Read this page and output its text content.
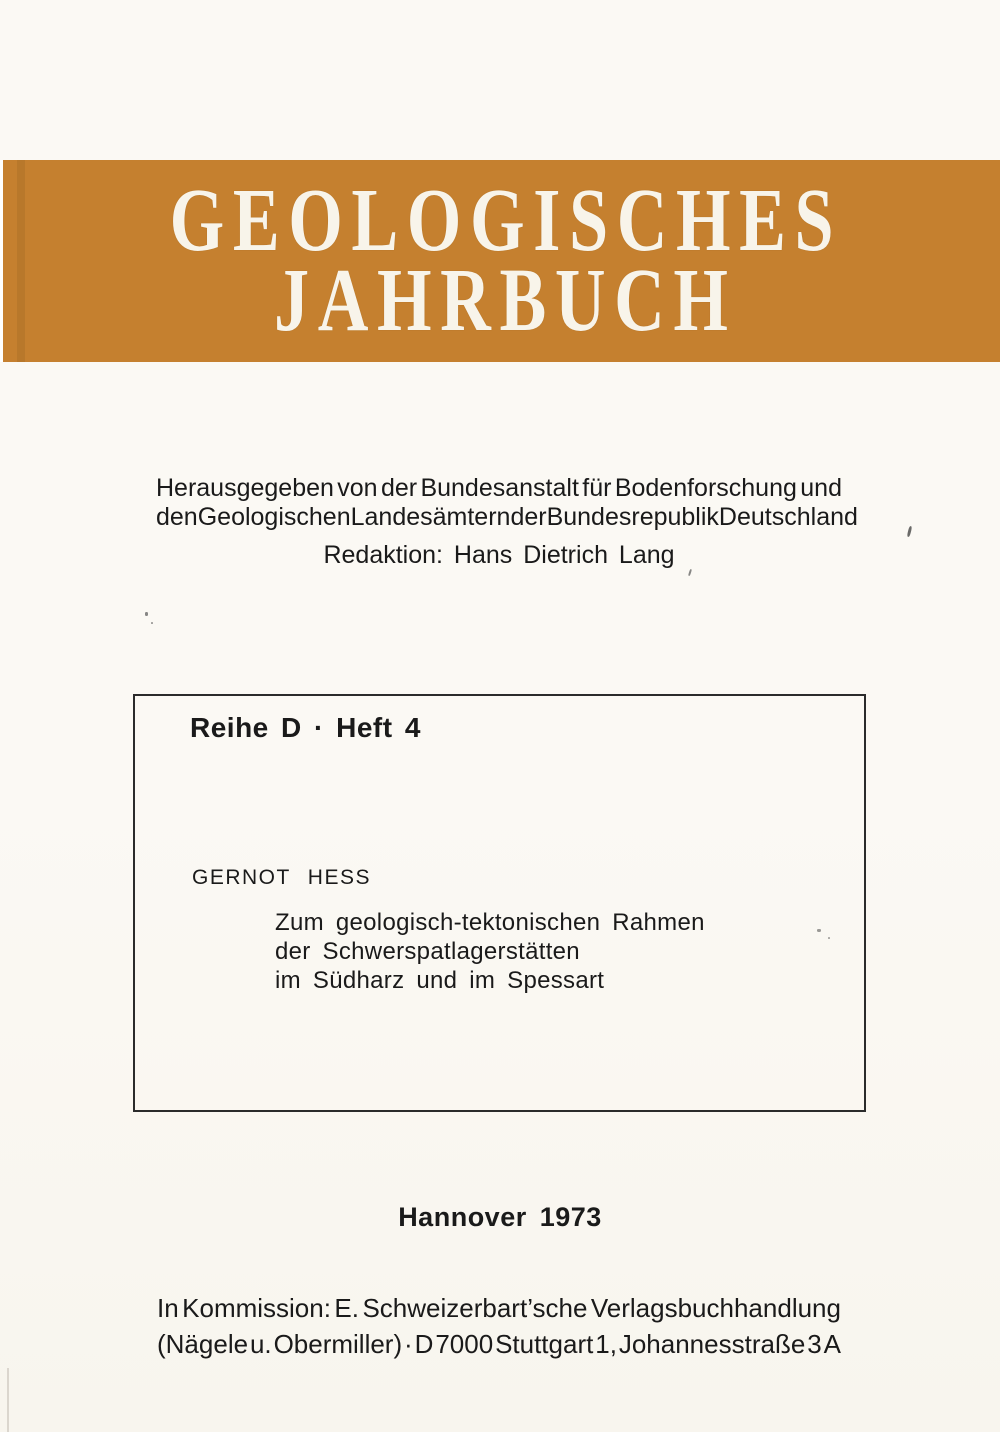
GEOLOGISCHES
JAHRBUCH
Herausgegeben von der Bundesanstalt für Bodenforschung und
den Geologischen Landesämtern der Bundesrepublik Deutschland
Redaktion: Hans Dietrich Lang
Reihe D · Heft 4
GERNOT HESS
Zum geologisch-tektonischen Rahmen
der Schwerspatlagerstätten
im Südharz und im Spessart
Hannover 1973
In Kommission: E. Schweizerbart’sche Verlagsbuchhandlung
(Nägele u. Obermiller) · D 7000 Stuttgart 1, Johannesstraße 3 A
